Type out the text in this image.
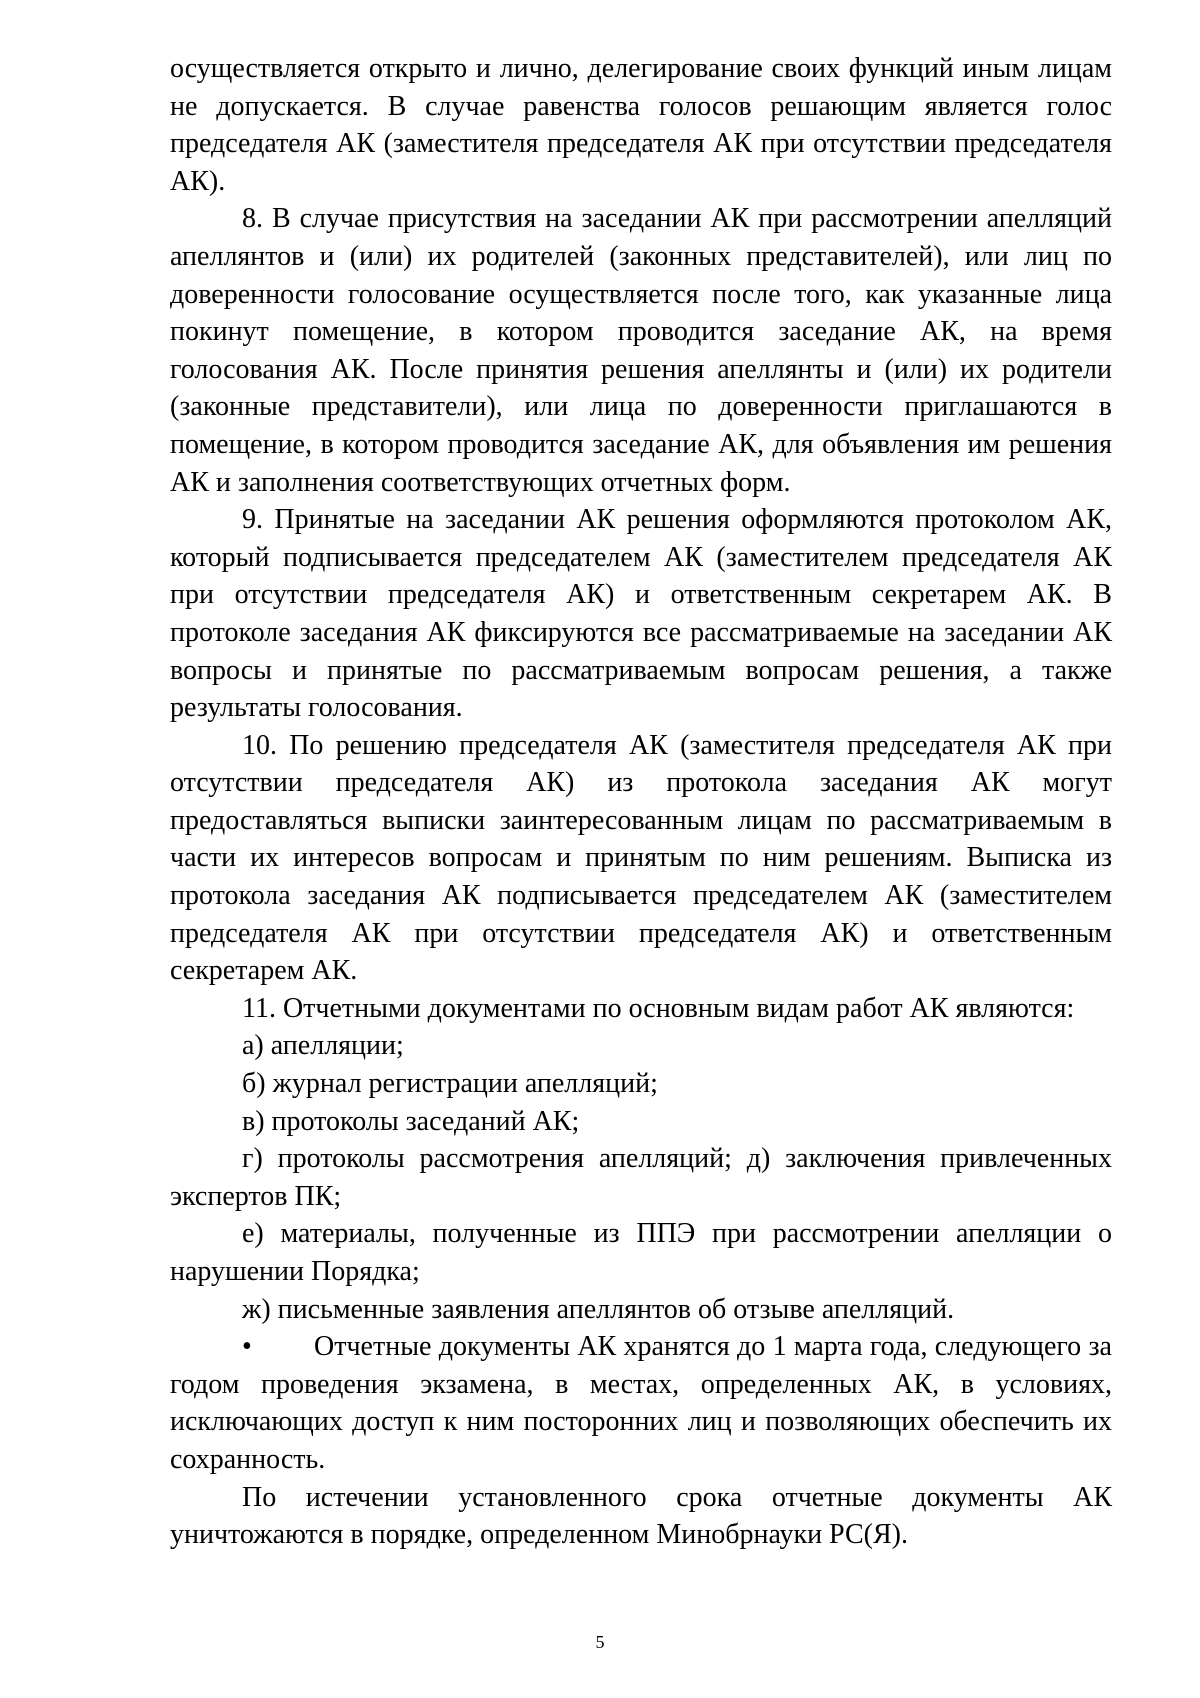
осуществляется открыто и лично, делегирование своих функций иным лицам не допускается. В случае равенства голосов решающим является голос председателя АК (заместителя председателя АК при отсутствии председателя АК).

8. В случае присутствия на заседании АК при рассмотрении апелляций апеллянтов и (или) их родителей (законных представителей), или лиц по доверенности голосование осуществляется после того, как указанные лица покинут помещение, в котором проводится заседание АК, на время голосования АК. После принятия решения апеллянты и (или) их родители (законные представители), или лица по доверенности приглашаются в помещение, в котором проводится заседание АК, для объявления им решения АК и заполнения соответствующих отчетных форм.

9. Принятые на заседании АК решения оформляются протоколом АК, который подписывается председателем АК (заместителем председателя АК при отсутствии председателя АК) и ответственным секретарем АК. В протоколе заседания АК фиксируются все рассматриваемые на заседании АК вопросы и принятые по рассматриваемым вопросам решения, а также результаты голосования.

10. По решению председателя АК (заместителя председателя АК при отсутствии председателя АК) из протокола заседания АК могут предоставляться выписки заинтересованным лицам по рассматриваемым в части их интересов вопросам и принятым по ним решениям. Выписка из протокола заседания АК подписывается председателем АК (заместителем председателя АК при отсутствии председателя АК) и ответственным секретарем АК.

11. Отчетными документами по основным видам работ АК являются:

а) апелляции;

б) журнал регистрации апелляций;

в) протоколы заседаний АК;

г) протоколы рассмотрения апелляций; д) заключения привлеченных экспертов ПК;

е) материалы, полученные из ППЭ при рассмотрении апелляции о нарушении Порядка;

ж) письменные заявления апеллянтов об отзыве апелляций.

• Отчетные документы АК хранятся до 1 марта года, следующего за годом проведения экзамена, в местах, определенных АК, в условиях, исключающих доступ к ним посторонних лиц и позволяющих обеспечить их сохранность.

По истечении установленного срока отчетные документы АК уничтожаются в порядке, определенном Минобрнауки РС(Я).

5
